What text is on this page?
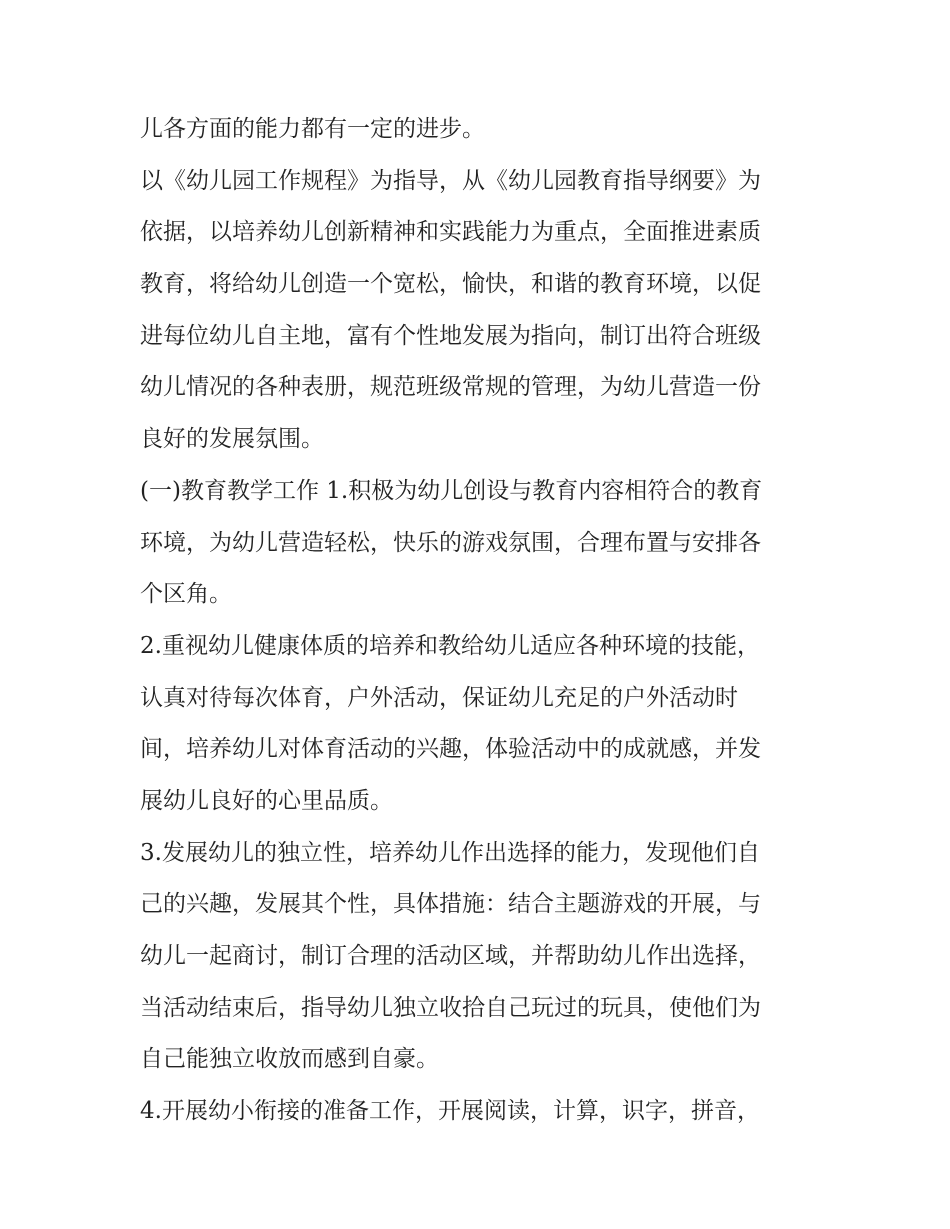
儿各方面的能力都有一定的进步。
以《幼儿园工作规程》为指导，从《幼儿园教育指导纲要》为
依据，以培养幼儿创新精神和实践能力为重点，全面推进素质
教育，将给幼儿创造一个宽松，愉快，和谐的教育环境，以促
进每位幼儿自主地，富有个性地发展为指向，制订出符合班级
幼儿情况的各种表册，规范班级常规的管理，为幼儿营造一份
良好的发展氛围。
(一)教育教学工作 1.积极为幼儿创设与教育内容相符合的教育
环境，为幼儿营造轻松，快乐的游戏氛围，合理布置与安排各
个区角。
2.重视幼儿健康体质的培养和教给幼儿适应各种环境的技能，
认真对待每次体育，户外活动，保证幼儿充足的户外活动时
间，培养幼儿对体育活动的兴趣，体验活动中的成就感，并发
展幼儿良好的心里品质。
3.发展幼儿的独立性，培养幼儿作出选择的能力，发现他们自
己的兴趣，发展其个性，具体措施：结合主题游戏的开展，与
幼儿一起商讨，制订合理的活动区域，并帮助幼儿作出选择，
当活动结束后，指导幼儿独立收拾自己玩过的玩具，使他们为
自己能独立收放而感到自豪。
4.开展幼小衔接的准备工作，开展阅读，计算，识字，拼音，
